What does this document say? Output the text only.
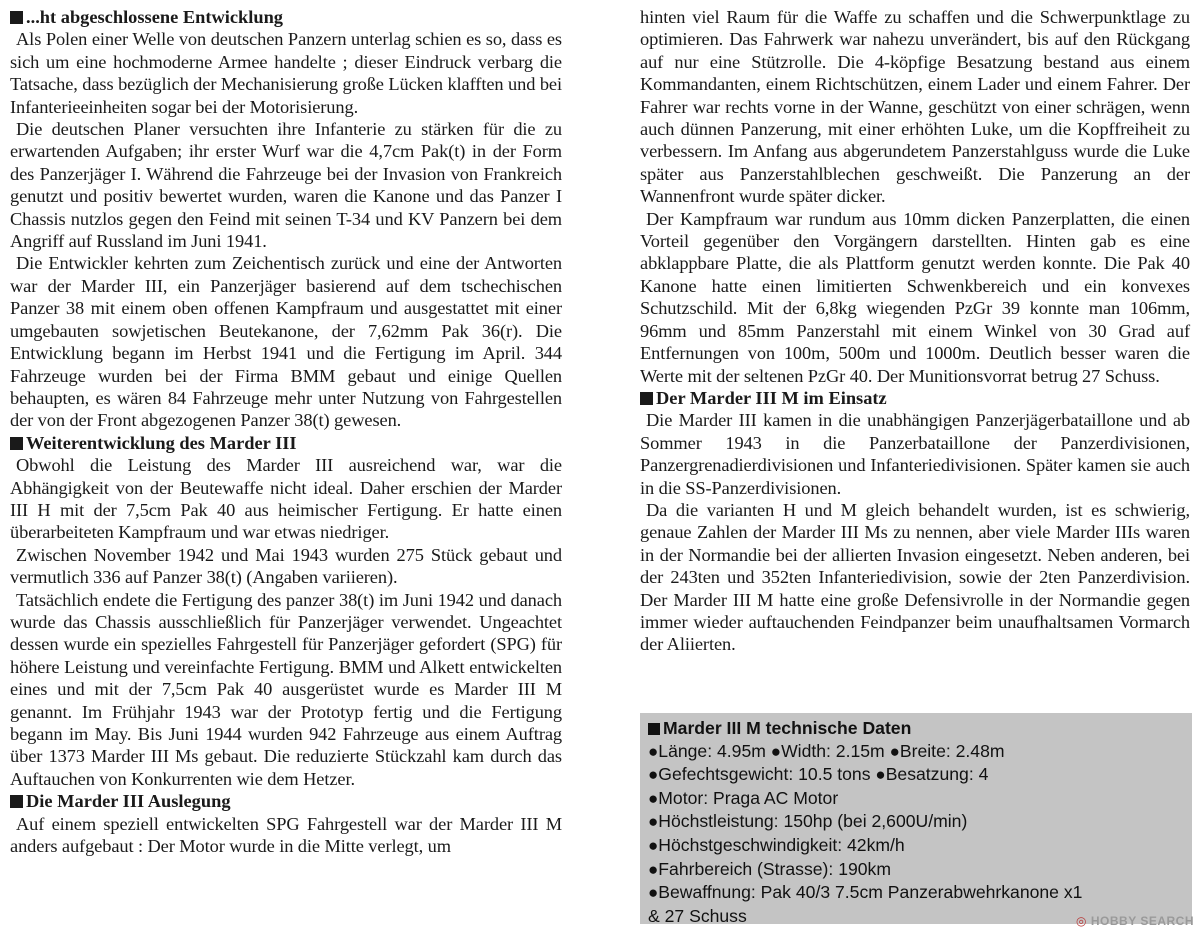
...ht abgeschlossene Entwicklung

Als Polen einer Welle von deutschen Panzern unterlag schien es so, dass es sich um eine hochmoderne Armee handelte ; dieser Eindruck verbarg die Tatsache, dass bezüglich der Mechanisierung große Lücken klafften und bei Infanterieeinheiten sogar bei der Motorisierung.

Die deutschen Planer versuchten ihre Infanterie zu stärken für die zu erwartenden Aufgaben; ihr erster Wurf war die 4,7cm Pak(t) in der Form des Panzerjäger I. Während die Fahrzeuge bei der Invasion von Frankreich genutzt und positiv bewertet wurden, waren die Kanone und das Panzer I Chassis nutzlos gegen den Feind mit seinen T-34 und KV Panzern bei dem Angriff auf Russland im Juni 1941.

Die Entwickler kehrten zum Zeichentisch zurück und eine der Antworten war der Marder III, ein Panzerjäger basierend auf dem tschechischen Panzer 38 mit einem oben offenen Kampfraum und ausgestattet mit einer umgebauten sowjetischen Beutekanone, der 7,62mm Pak 36(r). Die Entwicklung begann im Herbst 1941 und die Fertigung im April. 344 Fahrzeuge wurden bei der Firma BMM gebaut und einige Quellen behaupten, es wären 84 Fahrzeuge mehr unter Nutzung von Fahrgestellen der von der Front abgezogenen Panzer 38(t) gewesen.

Weiterentwicklung des Marder III

Obwohl die Leistung des Marder III ausreichend war, war die Abhängigkeit von der Beutewaffe nicht ideal. Daher erschien der Marder III H mit der 7,5cm Pak 40 aus heimischer Fertigung. Er hatte einen überarbeiteten Kampfraum und war etwas niedriger.

Zwischen November 1942 und Mai 1943 wurden 275 Stück gebaut und vermutlich 336 auf Panzer 38(t) (Angaben variieren).

Tatsächlich endete die Fertigung des panzer 38(t) im Juni 1942 und danach wurde das Chassis ausschließlich für Panzerjäger verwendet. Ungeachtet dessen wurde ein spezielles Fahrgestell für Panzerjäger gefordert (SPG) für höhere Leistung und vereinfachte Fertigung. BMM und Alkett entwickelten eines und mit der 7,5cm Pak 40 ausgerüstet wurde es Marder III M genannt. Im Frühjahr 1943 war der Prototyp fertig und die Fertigung begann im May. Bis Juni 1944 wurden 942 Fahrzeuge aus einem Auftrag über 1373 Marder III Ms gebaut. Die reduzierte Stückzahl kam durch das Auftauchen von Konkurrenten wie dem Hetzer.

Die Marder III Auslegung

Auf einem speziell entwickelten SPG Fahrgestell war der Marder III M anders aufgebaut : Der Motor wurde in die Mitte verlegt, um

hinten viel Raum für die Waffe zu schaffen und die Schwerpunktlage zu optimieren. Das Fahrwerk war nahezu unverändert, bis auf den Rückgang auf nur eine Stützrolle. Die 4-köpfige Besatzung bestand aus einem Kommandanten, einem Richtschützen, einem Lader und einem Fahrer. Der Fahrer war rechts vorne in der Wanne, geschützt von einer schrägen, wenn auch dünnen Panzerung, mit einer erhöhten Luke, um die Kopffreiheit zu verbessern. Im Anfang aus abgerundetem Panzerstahlguss wurde die Luke später aus Panzerstahlblechen geschweißt. Die Panzerung an der Wannenfront wurde später dicker.

Der Kampfraum war rundum aus 10mm dicken Panzerplatten, die einen Vorteil gegenüber den Vorgängern darstellten. Hinten gab es eine abklappbare Platte, die als Plattform genutzt werden konnte. Die Pak 40 Kanone hatte einen limitierten Schwenkbereich und ein konvexes Schutzschild. Mit der 6,8kg wiegenden PzGr 39 konnte man 106mm, 96mm und 85mm Panzerstahl mit einem Winkel von 30 Grad auf Entfernungen von 100m, 500m und 1000m. Deutlich besser waren die Werte mit der seltenen PzGr 40. Der Munitionsvorrat betrug 27 Schuss.

Der Marder III M im Einsatz

Die Marder III kamen in die unabhängigen Panzerjägerbataillone und ab Sommer 1943 in die Panzerbataillone der Panzerdivisionen, Panzergrenadierdivisionen und Infanteriedivisionen. Später kamen sie auch in die SS-Panzerdivisionen.

Da die varianten H und M gleich behandelt wurden, ist es schwierig, genaue Zahlen der Marder III Ms zu nennen, aber viele Marder IIIs waren in der Normandie bei der allierten Invasion eingesetzt. Neben anderen, bei der 243ten und 352ten Infanteriedivision, sowie der 2ten Panzerdivision. Der Marder III M hatte eine große Defensivrolle in der Normandie gegen immer wieder auftauchenden Feindpanzer beim unaufhaltsamen Vormarch der Aliierten.

Marder III M technische Daten
●Länge: 4.95m ●Width: 2.15m ●Breite: 2.48m
●Gefechtsgewicht: 10.5 tons ●Besatzung: 4
●Motor: Praga AC Motor
●Höchstleistung: 150hp (bei 2,600U/min)
●Höchstgeschwindigkeit: 42km/h
●Fahrbereich (Strasse): 190km
●Bewaffnung: Pak 40/3 7.5cm Panzerabwehrkanone x1
& 27 Schuss	◎ HOBBY SEARCH
